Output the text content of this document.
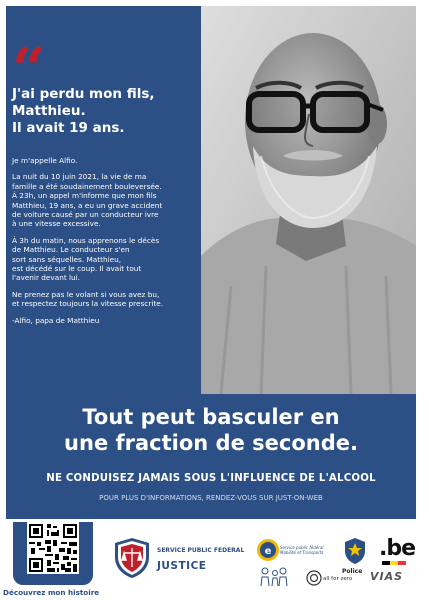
“
J'ai perdu mon fils,
Matthieu.
Il avait 19 ans.

Je m'appelle Alfio.

La nuit du 10 juin 2021, la vie de ma
famille a été soudainement bouleversée.
À 23h, un appel m'informe que mon fils
Matthieu, 19 ans, a eu un grave accident
de voiture causé par un conducteur ivre
à une vitesse excessive.

À 3h du matin, nous apprenons le décès
de Matthieu. Le conducteur s'en
sort sans séquelles. Matthieu,
est décédé sur le coup. Il avait tout
l'avenir devant lui.

Ne prenez pas le volant si vous avez bu,
et respectez toujours la vitesse prescrite.

-Alfio, papa de Matthieu

Tout peut basculer en
une fraction de seconde.
NE CONDUISEZ JAMAIS SOUS L'INFLUENCE DE L'ALCOOL
POUR PLUS D'INFORMATIONS, RENDEZ-VOUS SUR JUST-ON-WEB
Découvrez mon histoire
SERVICE PUBLIC FEDERAL
JUSTICE
e Service public fédéral
Mobilité et Transports
Police
.be
all for zero VIAS
